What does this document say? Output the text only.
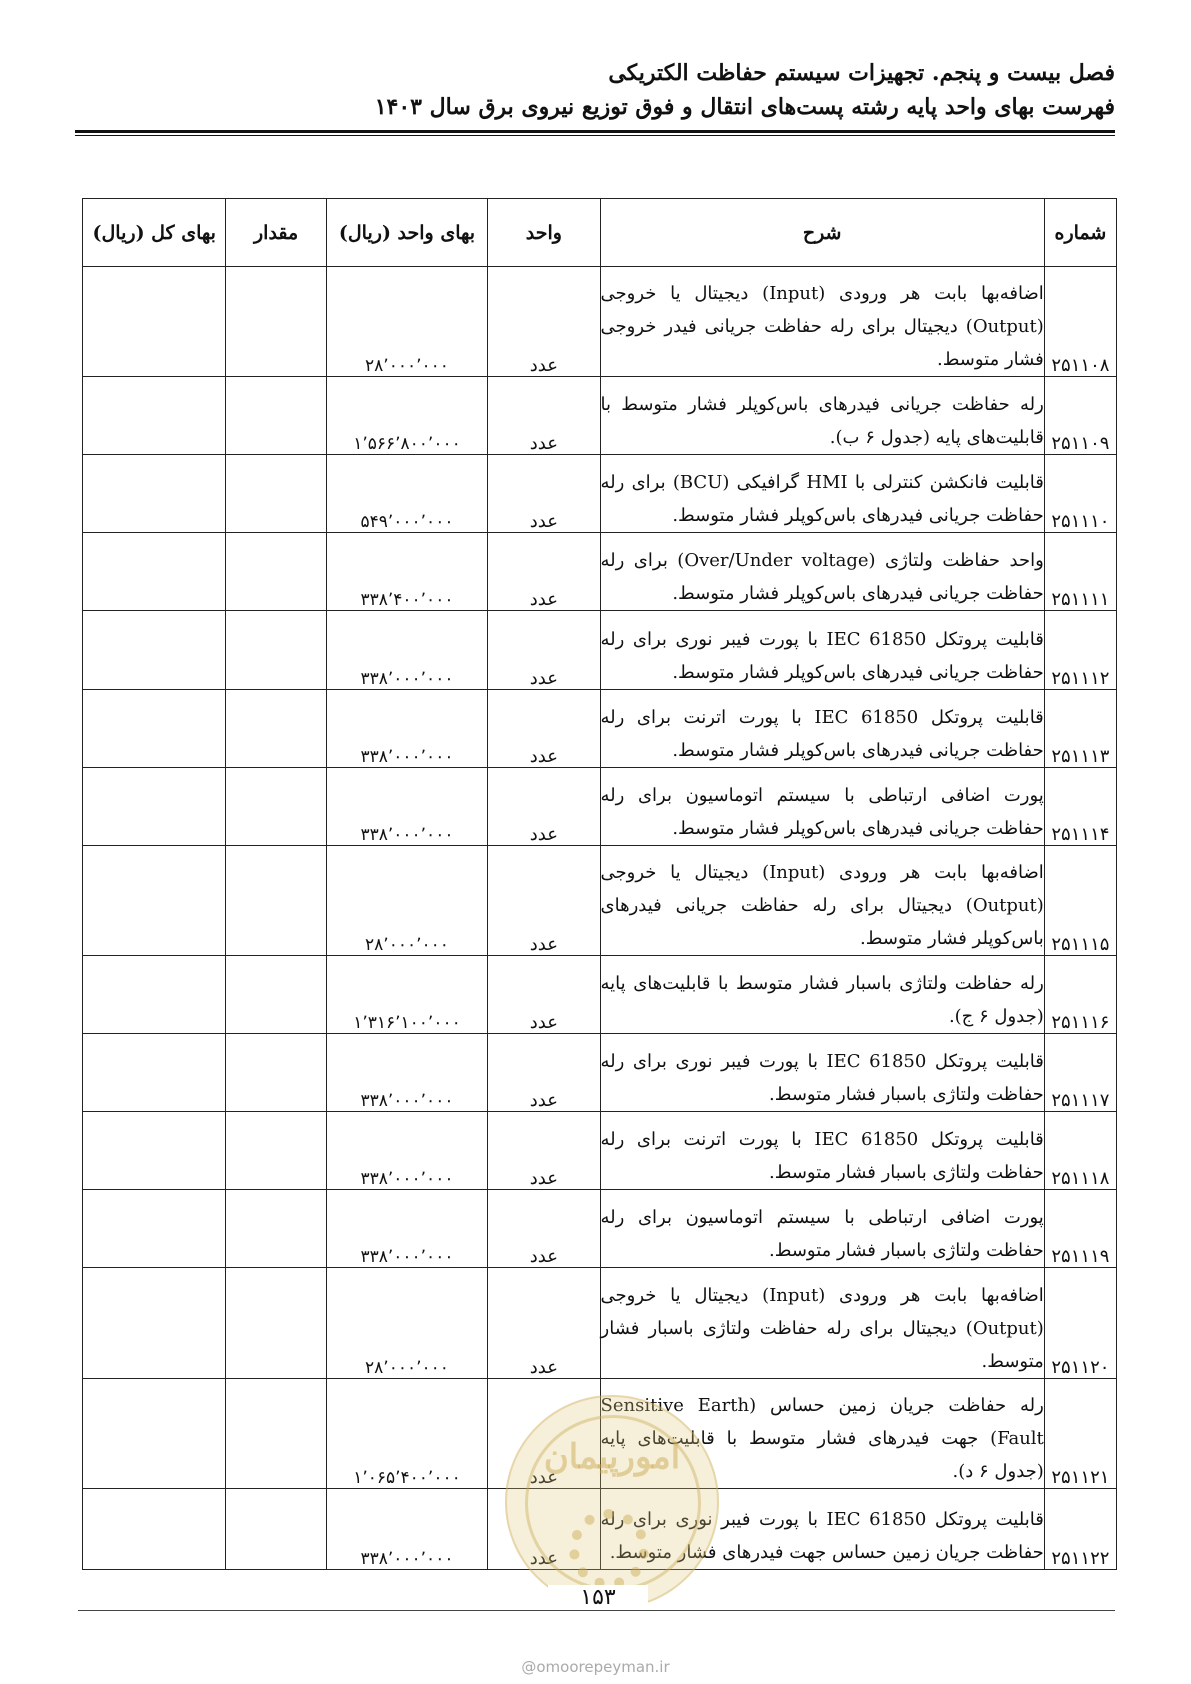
فصل بیست و پنجم. تجهیزات سیستم حفاظت الکتریکی
فهرست بهای واحد پایه رشته پست‌های انتقال و فوق توزیع نیروی برق سال ۱۴۰۳
شماره	شرح	واحد	بهای واحد (ریال)	مقدار	بهای کل (ریال)
۲۵۱۱۰۸	اضافه‌بها بابت هر ورودی (Input) دیجیتال یا خروجی (Output) دیجیتال برای رله حفاظت جریانی فیدر خروجی فشار متوسط.	عدد	۲۸٬۰۰۰٬۰۰۰		
۲۵۱۱۰۹	رله حفاظت جریانی فیدرهای باس‌کوپلر فشار متوسط با قابلیت‌های پایه (جدول ۶ ب).	عدد	۱٬۵۶۶٬۸۰۰٬۰۰۰		
۲۵۱۱۱۰	قابلیت فانکشن کنترلی با HMI گرافیکی (BCU) برای رله حفاظت جریانی فیدرهای باس‌کوپلر فشار متوسط.	عدد	۵۴۹٬۰۰۰٬۰۰۰		
۲۵۱۱۱۱	واحد حفاظت ولتاژی (Over/Under voltage) برای رله حفاظت جریانی فیدرهای باس‌کوپلر فشار متوسط.	عدد	۳۳۸٬۴۰۰٬۰۰۰		
۲۵۱۱۱۲	قابلیت پروتکل IEC 61850 با پورت فیبر نوری برای رله حفاظت جریانی فیدرهای باس‌کوپلر فشار متوسط.	عدد	۳۳۸٬۰۰۰٬۰۰۰		
۲۵۱۱۱۳	قابلیت پروتکل IEC 61850 با پورت اترنت برای رله حفاظت جریانی فیدرهای باس‌کوپلر فشار متوسط.	عدد	۳۳۸٬۰۰۰٬۰۰۰		
۲۵۱۱۱۴	پورت اضافی ارتباطی با سیستم اتوماسیون برای رله حفاظت جریانی فیدرهای باس‌کوپلر فشار متوسط.	عدد	۳۳۸٬۰۰۰٬۰۰۰		
۲۵۱۱۱۵	اضافه‌بها بابت هر ورودی (Input) دیجیتال یا خروجی (Output) دیجیتال برای رله حفاظت جریانی فیدرهای باس‌کوپلر فشار متوسط.	عدد	۲۸٬۰۰۰٬۰۰۰		
۲۵۱۱۱۶	رله حفاظت ولتاژی باسبار فشار متوسط با قابلیت‌های پایه (جدول ۶ ج).	عدد	۱٬۳۱۶٬۱۰۰٬۰۰۰		
۲۵۱۱۱۷	قابلیت پروتکل IEC 61850 با پورت فیبر نوری برای رله حفاظت ولتاژی باسبار فشار متوسط.	عدد	۳۳۸٬۰۰۰٬۰۰۰		
۲۵۱۱۱۸	قابلیت پروتکل IEC 61850 با پورت اترنت برای رله حفاظت ولتاژی باسبار فشار متوسط.	عدد	۳۳۸٬۰۰۰٬۰۰۰		
۲۵۱۱۱۹	پورت اضافی ارتباطی با سیستم اتوماسیون برای رله حفاظت ولتاژی باسبار فشار متوسط.	عدد	۳۳۸٬۰۰۰٬۰۰۰		
۲۵۱۱۲۰	اضافه‌بها بابت هر ورودی (Input) دیجیتال یا خروجی (Output) دیجیتال برای رله حفاظت ولتاژی باسبار فشار متوسط.	عدد	۲۸٬۰۰۰٬۰۰۰		
۲۵۱۱۲۱	رله حفاظت جریان زمین حساس (Sensitive Earth Fault) جهت فیدرهای فشار متوسط با قابلیت‌های پایه (جدول ۶ د).	عدد	۱٬۰۶۵٬۴۰۰٬۰۰۰		
۲۵۱۱۲۲	قابلیت پروتکل IEC 61850 با پورت فیبر نوری برای رله حفاظت جریان زمین حساس جهت فیدرهای فشار متوسط.	عدد	۳۳۸٬۰۰۰٬۰۰۰		
امورپیمان
۱۵۳
@omoorepeyman.ir
